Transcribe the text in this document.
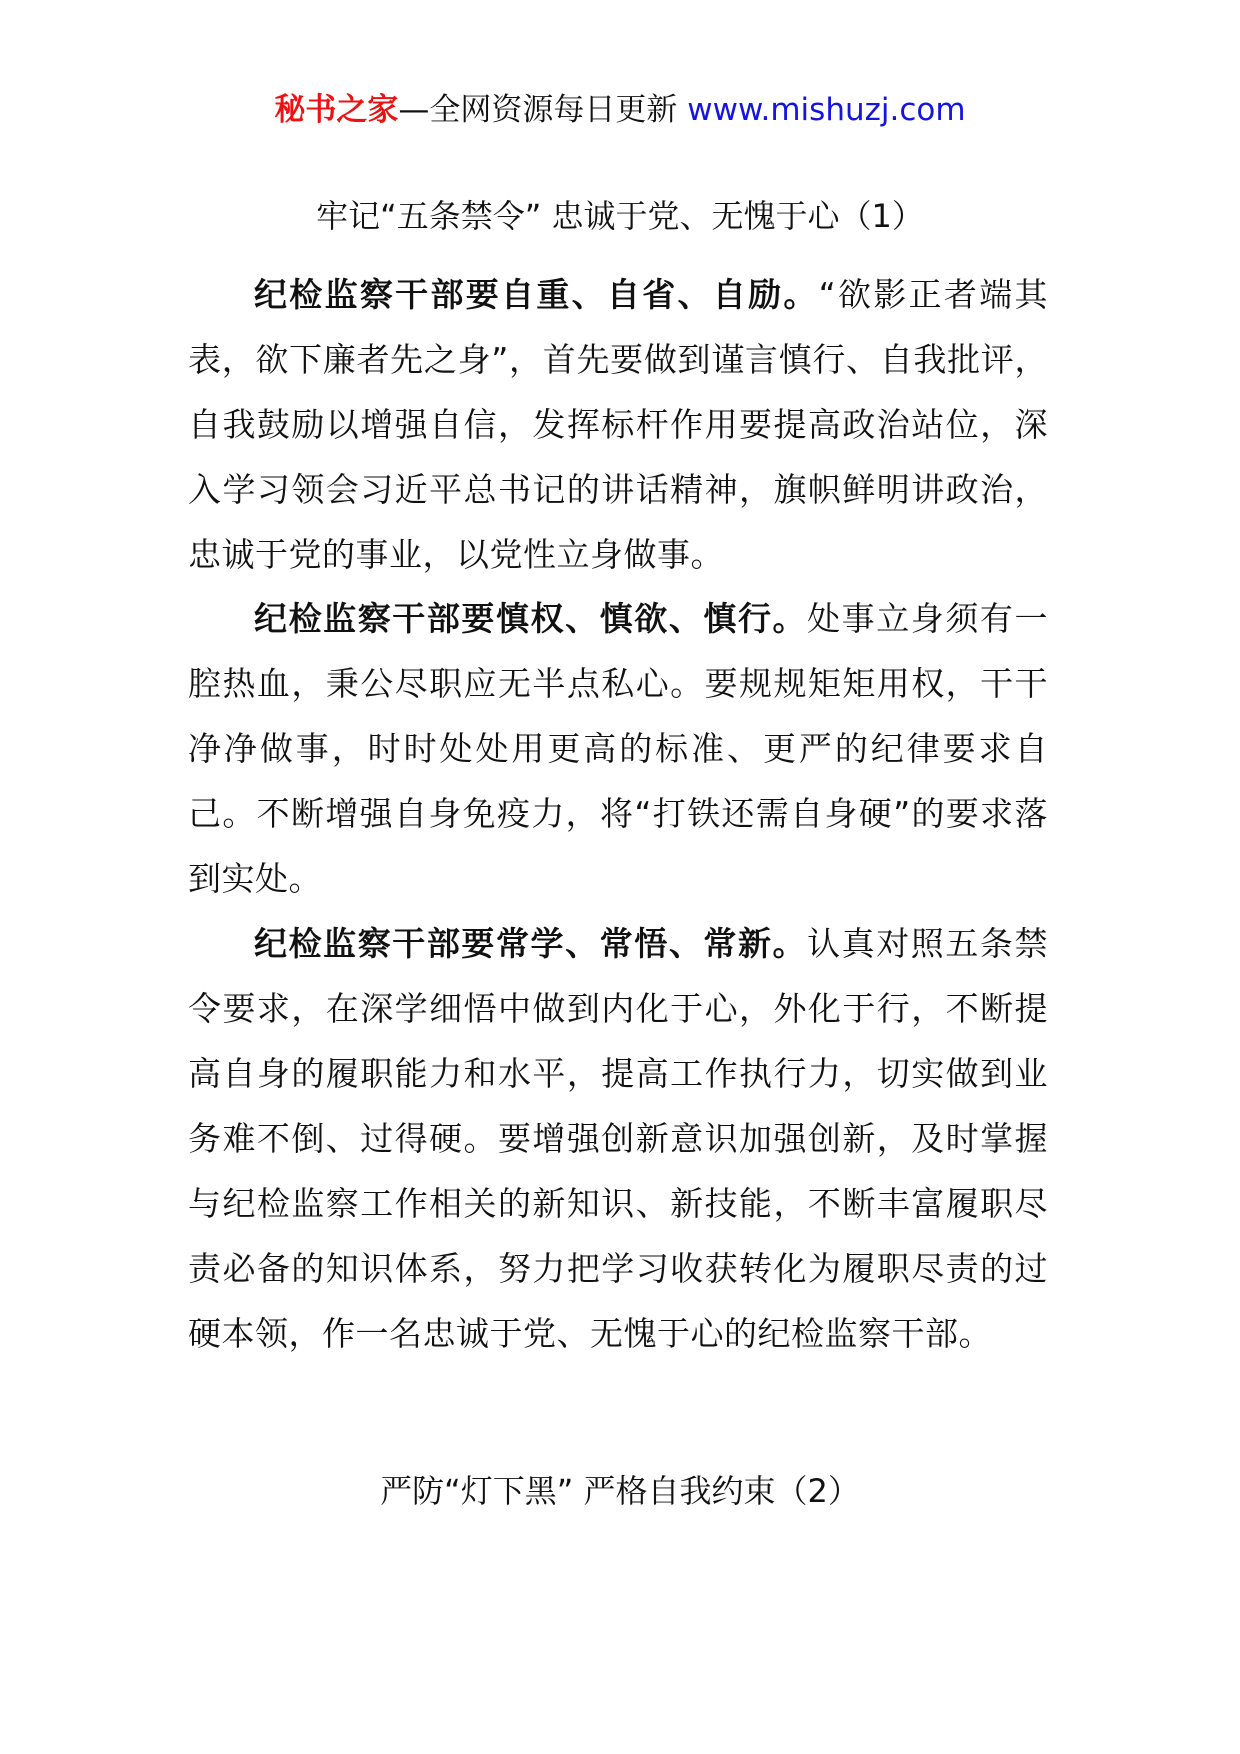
秘书之家—全网资源每日更新 www.mishuzj.com
牢记“五条禁令” 忠诚于党、无愧于心（1）

纪检监察干部要自重、自省、自励。“欲影正者端其表，欲下廉者先之身”，首先要做到谨言慎行、自我批评，自我鼓励以增强自信，发挥标杆作用要提高政治站位，深入学习领会习近平总书记的讲话精神，旗帜鲜明讲政治，忠诚于党的事业，以党性立身做事。

纪检监察干部要慎权、慎欲、慎行。处事立身须有一腔热血，秉公尽职应无半点私心。要规规矩矩用权，干干净净做事，时时处处用更高的标准、更严的纪律要求自己。不断增强自身免疫力，将“打铁还需自身硬”的要求落到实处。

纪检监察干部要常学、常悟、常新。认真对照五条禁令要求，在深学细悟中做到内化于心，外化于行，不断提高自身的履职能力和水平，提高工作执行力，切实做到业务难不倒、过得硬。要增强创新意识加强创新，及时掌握与纪检监察工作相关的新知识、新技能，不断丰富履职尽责必备的知识体系，努力把学习收获转化为履职尽责的过硬本领，作一名忠诚于党、无愧于心的纪检监察干部。

严防“灯下黑” 严格自我约束（2）
